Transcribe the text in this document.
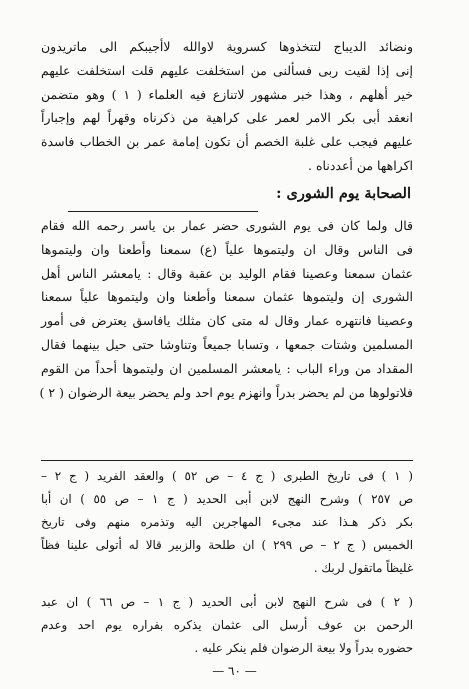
ونضائد الديباج لتتخذوها كسروية لاوالله لاأجيبكم الى ماتريدون
إنى إذا لقيت ربى فسألنى من استخلفت عليهم قلت استخلفت عليهم
خير أهلهم ، وهذا خبر مشهور لاتنازع فيه العلماء ( ١ ) وهو متضمن
انعقد أبى بكر الامر لعمر على كراهية من ذكرناه وقهراً لهم وإجباراً
عليهم فيجب على غلبة الخصم أن تكون إمامة عمر بن الخطاب فاسدة
اكراهها من أعددناه .
الصحابة يوم الشورى :
قال ولما كان فى يوم الشورى حضر عمار بن ياسر رحمه الله فقام
فى الناس وقال ان وليتموها علياً (ع) سمعنا وأطعنا وان وليتموها
عثمان سمعنا وعصينا فقام الوليد بن عقبة وقال : يامعشر الناس أهل
الشورى إن وليتموها عثمان سمعنا وأطعنا وان وليتموها علياً سمعنا
وعصينا فانتهره عمار وقال له متى كان مثلك يافاسق يعترض فى أمور
المسلمين وشتات جمعها ، وتسابا جميعاً وتناوشا حتى حيل بينهما فقال
المقداد من وراء الباب : يامعشر المسلمين ان وليتموها أحداً من القوم
فلاتولوها من لم يحضر بدراً وانهزم يوم احد ولم يحضر بيعة الرضوان ( ٢ )
( ١ ) فى تاريخ الطبرى ( ج ٤ – ص ٥٢ ) والعقد الفريد ( ج ٢ –
ص ٢٥٧ ) وشرح النهج لابن أبى الحديد ( ج ١ – ص ٥٥ ) ان أبا
بكر ذكر هـذا عند مجىء المهاجرين اليه وتذمره منهم وفى تاريخ
الخميس ( ج ٢ – ص ٢٩٩ ) ان طلحة والزبير قالا له أتولى علينا فظاً
غليظاً ماتقول لربك .
( ٢ ) فى شرح النهج لابن أبى الحديد ( ج ١ – ص ٦٦ ) ان عبد
الرحمن بن عوف أرسل الى عثمان يذكره بفراره يوم احد وعدم
حضوره بدراً ولا بيعة الرضوان فلم ينكر عليه .
— ٦٠ —
